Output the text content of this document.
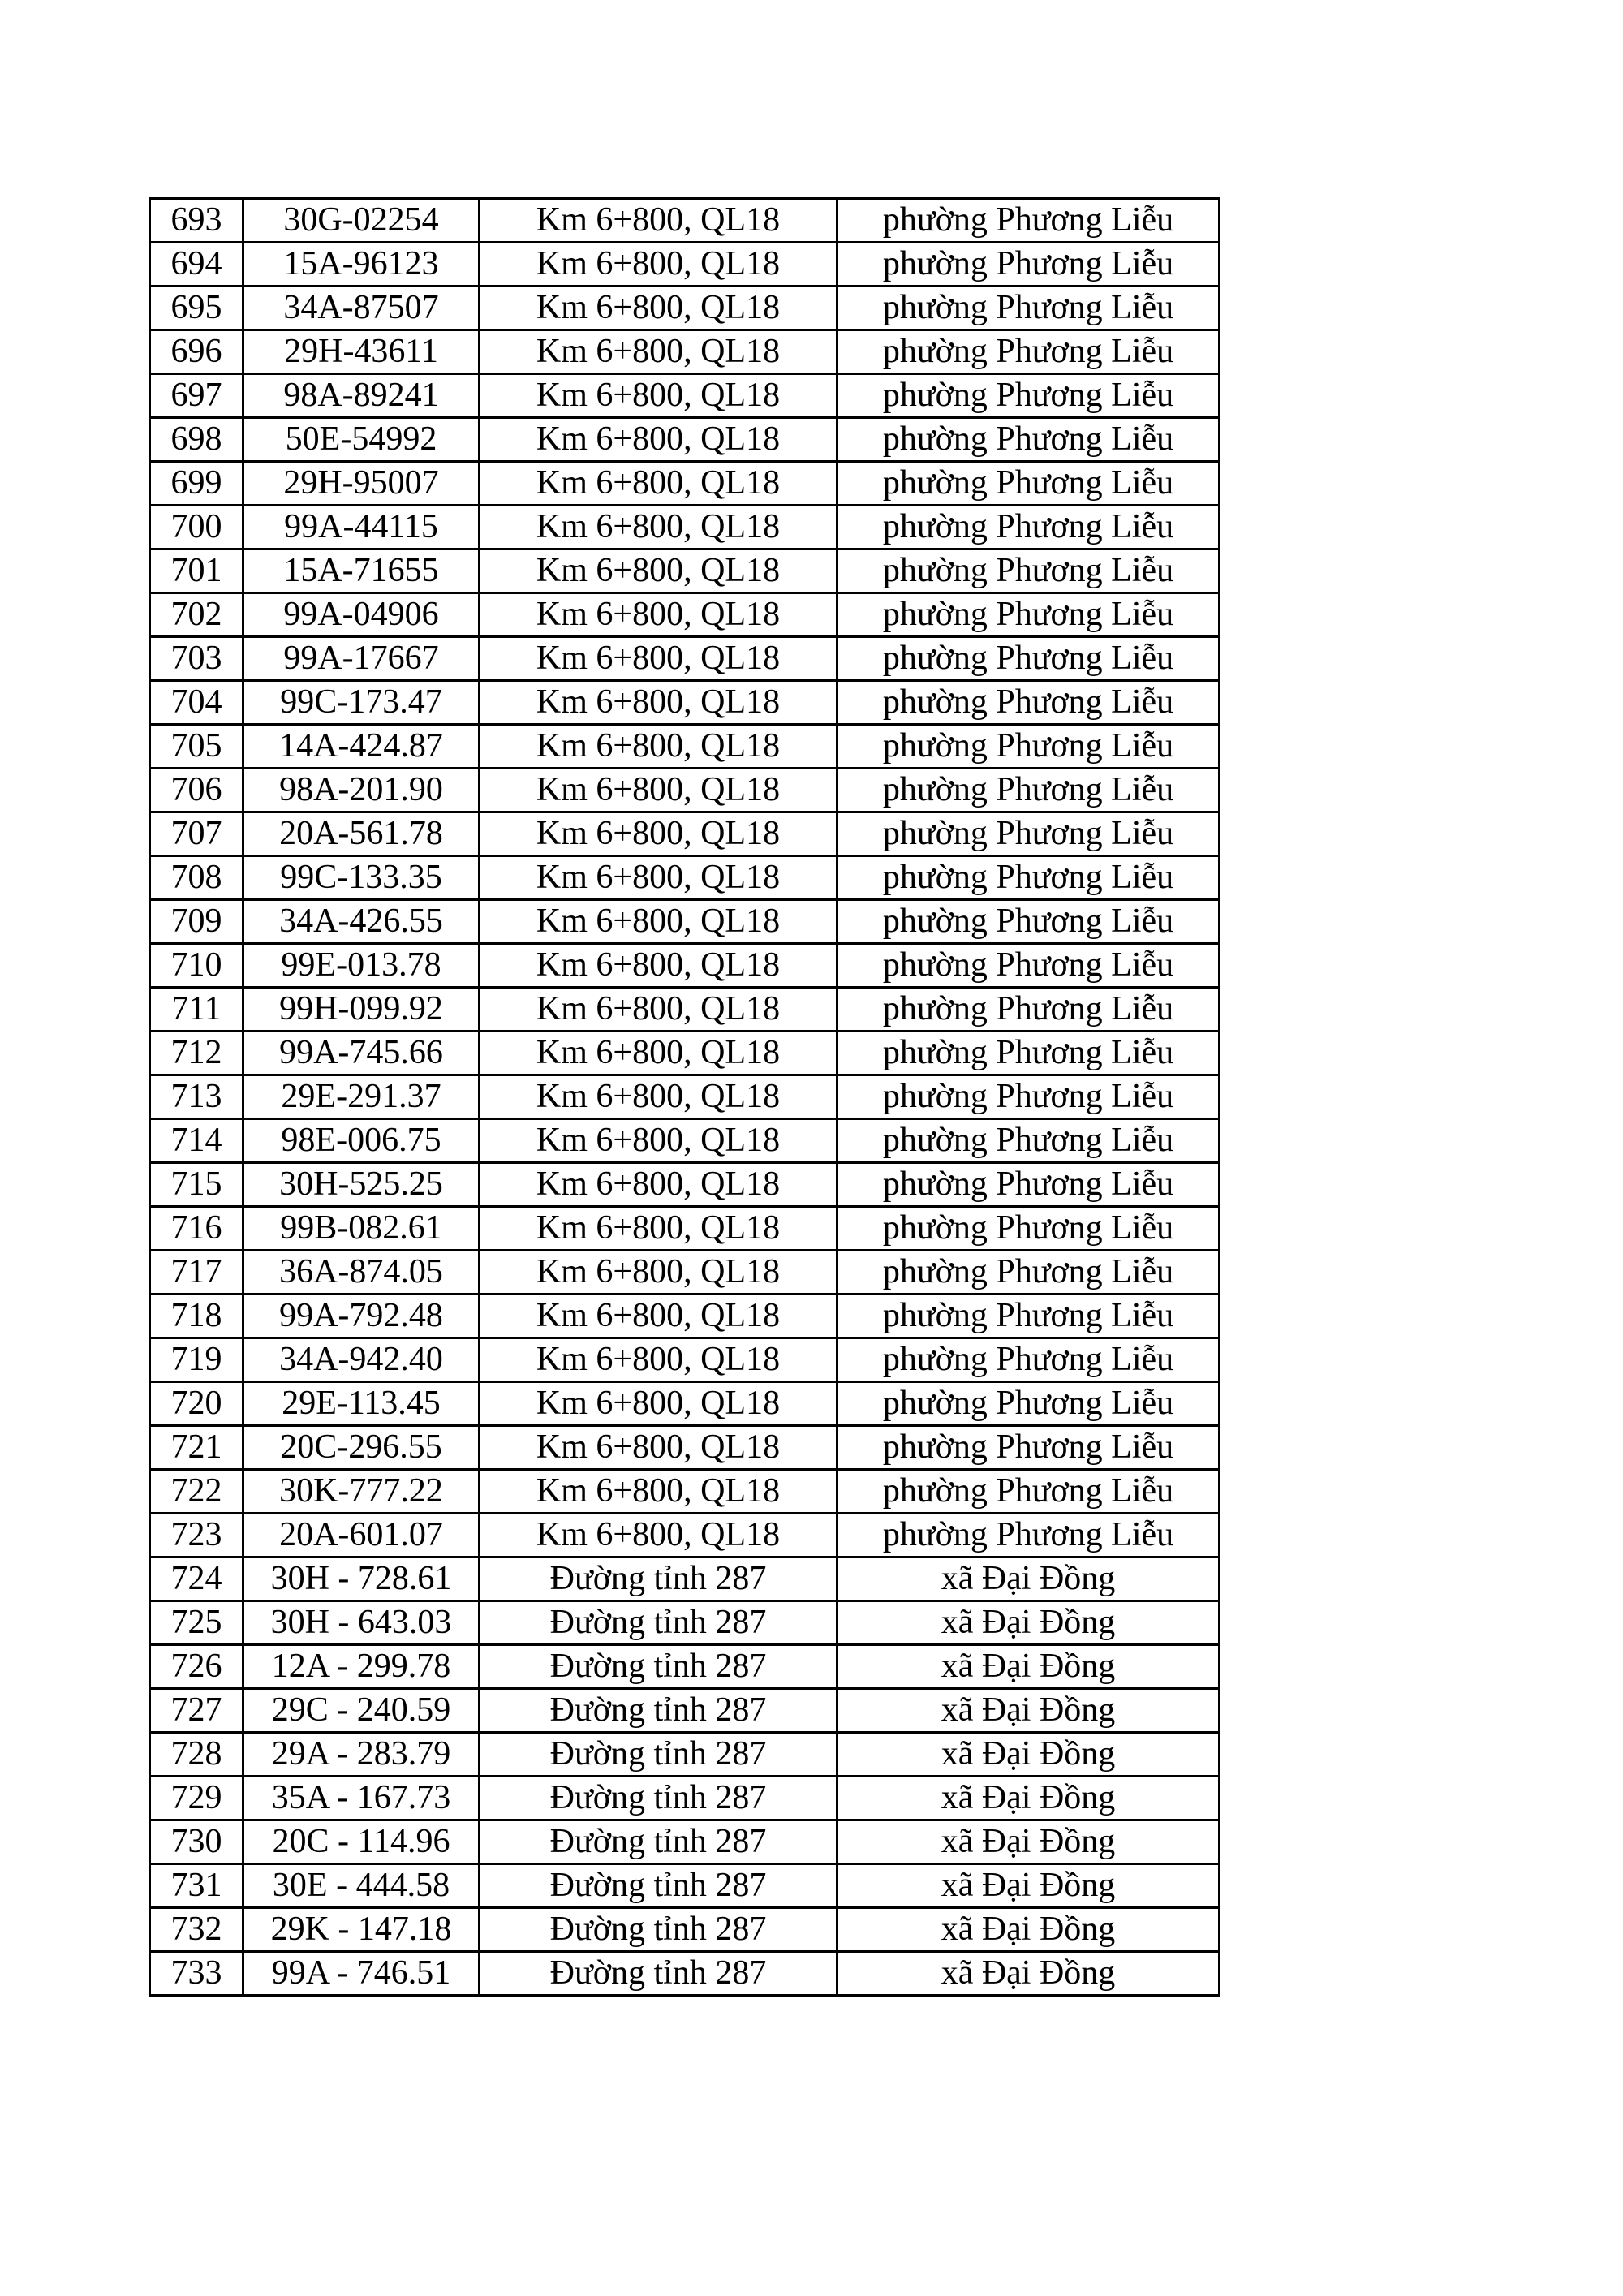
693	30G-02254	Km 6+800, QL18	phường Phương Liễu
694	15A-96123	Km 6+800, QL18	phường Phương Liễu
695	34A-87507	Km 6+800, QL18	phường Phương Liễu
696	29H-43611	Km 6+800, QL18	phường Phương Liễu
697	98A-89241	Km 6+800, QL18	phường Phương Liễu
698	50E-54992	Km 6+800, QL18	phường Phương Liễu
699	29H-95007	Km 6+800, QL18	phường Phương Liễu
700	99A-44115	Km 6+800, QL18	phường Phương Liễu
701	15A-71655	Km 6+800, QL18	phường Phương Liễu
702	99A-04906	Km 6+800, QL18	phường Phương Liễu
703	99A-17667	Km 6+800, QL18	phường Phương Liễu
704	99C-173.47	Km 6+800, QL18	phường Phương Liễu
705	14A-424.87	Km 6+800, QL18	phường Phương Liễu
706	98A-201.90	Km 6+800, QL18	phường Phương Liễu
707	20A-561.78	Km 6+800, QL18	phường Phương Liễu
708	99C-133.35	Km 6+800, QL18	phường Phương Liễu
709	34A-426.55	Km 6+800, QL18	phường Phương Liễu
710	99E-013.78	Km 6+800, QL18	phường Phương Liễu
711	99H-099.92	Km 6+800, QL18	phường Phương Liễu
712	99A-745.66	Km 6+800, QL18	phường Phương Liễu
713	29E-291.37	Km 6+800, QL18	phường Phương Liễu
714	98E-006.75	Km 6+800, QL18	phường Phương Liễu
715	30H-525.25	Km 6+800, QL18	phường Phương Liễu
716	99B-082.61	Km 6+800, QL18	phường Phương Liễu
717	36A-874.05	Km 6+800, QL18	phường Phương Liễu
718	99A-792.48	Km 6+800, QL18	phường Phương Liễu
719	34A-942.40	Km 6+800, QL18	phường Phương Liễu
720	29E-113.45	Km 6+800, QL18	phường Phương Liễu
721	20C-296.55	Km 6+800, QL18	phường Phương Liễu
722	30K-777.22	Km 6+800, QL18	phường Phương Liễu
723	20A-601.07	Km 6+800, QL18	phường Phương Liễu
724	30H - 728.61	Đường tỉnh 287	xã Đại Đồng
725	30H - 643.03	Đường tỉnh 287	xã Đại Đồng
726	12A - 299.78	Đường tỉnh 287	xã Đại Đồng
727	29C - 240.59	Đường tỉnh 287	xã Đại Đồng
728	29A - 283.79	Đường tỉnh 287	xã Đại Đồng
729	35A - 167.73	Đường tỉnh 287	xã Đại Đồng
730	20C - 114.96	Đường tỉnh 287	xã Đại Đồng
731	30E - 444.58	Đường tỉnh 287	xã Đại Đồng
732	29K - 147.18	Đường tỉnh 287	xã Đại Đồng
733	99A - 746.51	Đường tỉnh 287	xã Đại Đồng
